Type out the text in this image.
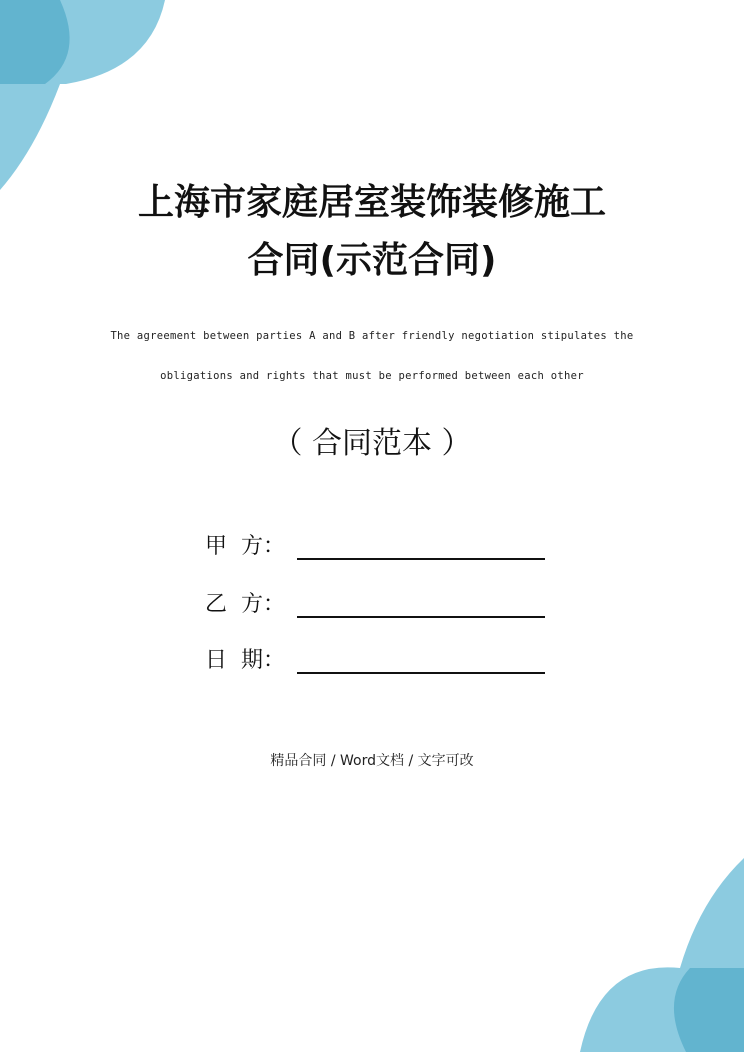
上海市家庭居室装饰装修施工
合同(示范合同)
The agreement between parties A and B after friendly negotiation stipulates the
obligations and rights that must be performed between each other
（ 合同范本 ）
甲  方：
乙  方：
日  期：
精品合同 / Word文档 / 文字可改
